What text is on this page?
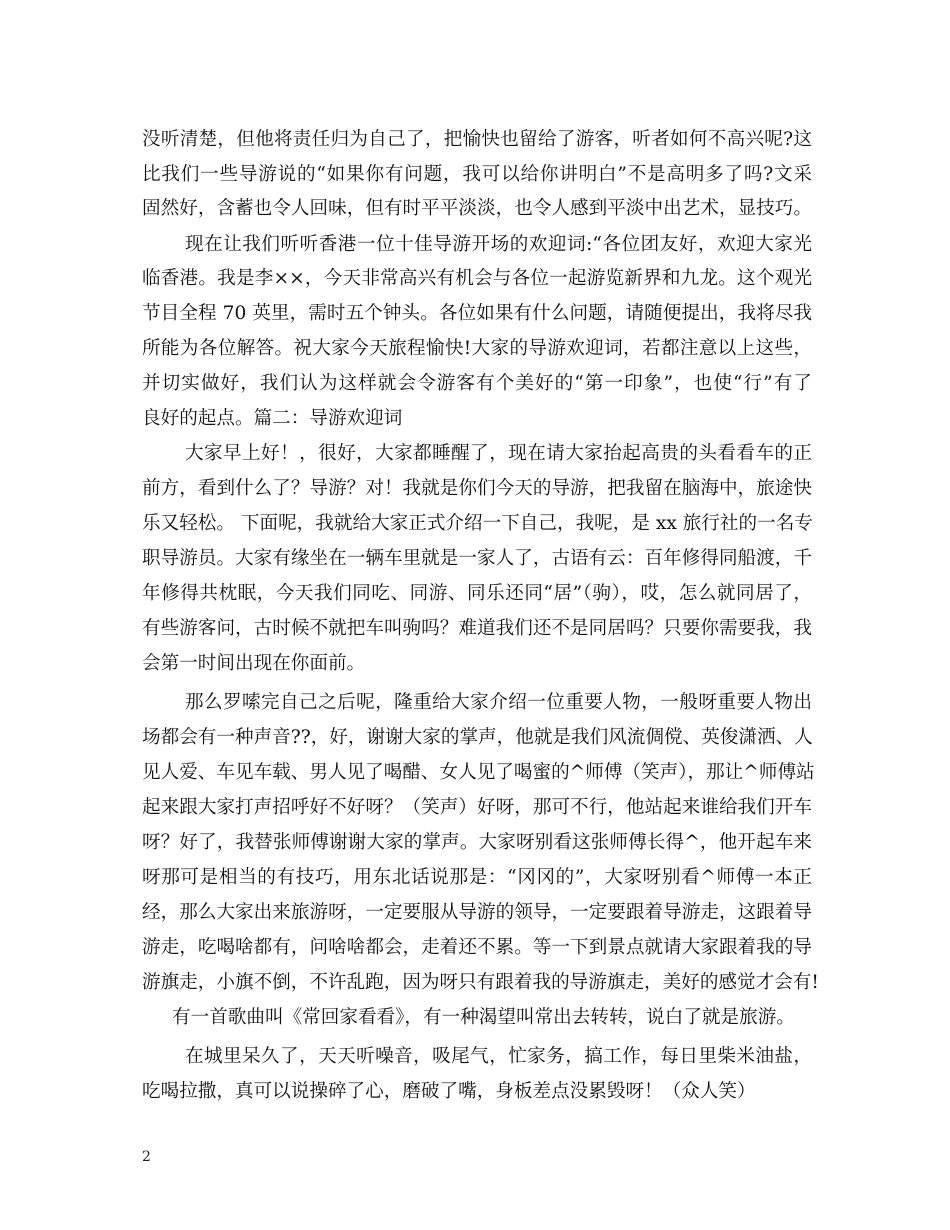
没听清楚，但他将责任归为自己了，把愉快也留给了游客，听者如何不高兴呢?这
比我们一些导游说的“如果你有问题，我可以给你讲明白”不是高明多了吗?文采
固然好，含蓄也令人回味，但有时平平淡淡，也令人感到平淡中出艺术，显技巧。
现在让我们听听香港一位十佳导游开场的欢迎词:“各位团友好，欢迎大家光
临香港。我是李××，今天非常高兴有机会与各位一起游览新界和九龙。这个观光
节目全程 70 英里，需时五个钟头。各位如果有什么问题，请随便提出，我将尽我
所能为各位解答。祝大家今天旅程愉快!大家的导游欢迎词，若都注意以上这些，
并切实做好，我们认为这样就会令游客有个美好的“第一印象”，也使“行”有了
良好的起点。篇二：导游欢迎词
大家早上好！，很好，大家都睡醒了，现在请大家抬起高贵的头看看车的正
前方，看到什么了？导游？对！我就是你们今天的导游，把我留在脑海中，旅途快
乐又轻松。 下面呢，我就给大家正式介绍一下自己，我呢，是 xx 旅行社的一名专
职导游员。大家有缘坐在一辆车里就是一家人了，古语有云：百年修得同船渡，千
年修得共枕眠，今天我们同吃、同游、同乐还同“居”（驹），哎，怎么就同居了，
有些游客问，古时候不就把车叫驹吗？难道我们还不是同居吗？只要你需要我，我
会第一时间出现在你面前。
那么罗嗦完自己之后呢，隆重给大家介绍一位重要人物，一般呀重要人物出
场都会有一种声音??，好，谢谢大家的掌声，他就是我们风流倜傥、英俊潇洒、人
见人爱、车见车载、男人见了喝醋、女人见了喝蜜的^师傅（笑声），那让^师傅站
起来跟大家打声招呼好不好呀？（笑声）好呀，那可不行，他站起来谁给我们开车
呀？好了，我替张师傅谢谢大家的掌声。大家呀别看这张师傅长得^，他开起车来
呀那可是相当的有技巧，用东北话说那是：“冈冈的”，大家呀别看^师傅一本正
经，那么大家出来旅游呀，一定要服从导游的领导，一定要跟着导游走，这跟着导
游走，吃喝啥都有，问啥啥都会，走着还不累。等一下到景点就请大家跟着我的导
游旗走，小旗不倒，不许乱跑，因为呀只有跟着我的导游旗走，美好的感觉才会有!
有一首歌曲叫《常回家看看》，有一种渴望叫常出去转转，说白了就是旅游。
在城里呆久了，天天听噪音，吸尾气，忙家务，搞工作，每日里柴米油盐，
吃喝拉撒，真可以说操碎了心，磨破了嘴，身板差点没累毁呀！（众人笑）
2
